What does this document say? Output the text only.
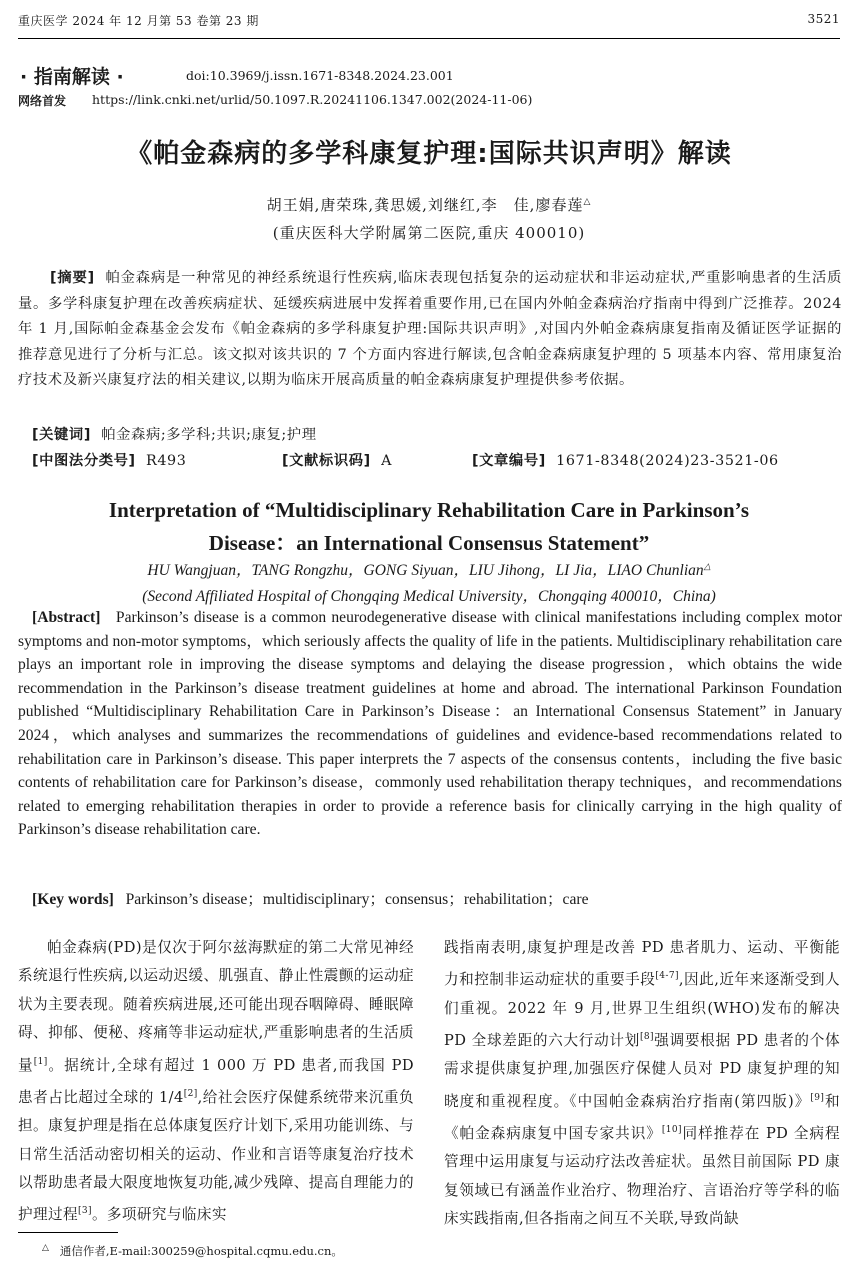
重庆医学 2024 年 12 月第 53 卷第 23 期	3521
· 指南解读 ·	doi:10.3969/j.issn.1671-8348.2024.23.001
网络首发 https://link.cnki.net/urlid/50.1097.R.20241106.1347.002(2024-11-06)
《帕金森病的多学科康复护理:国际共识声明》解读
胡王娟,唐荣珠,龚思媛,刘继红,李　佳,廖春莲△
(重庆医科大学附属第二医院,重庆 400010)
[摘要] 帕金森病是一种常见的神经系统退行性疾病,临床表现包括复杂的运动症状和非运动症状,严重影响患者的生活质量。多学科康复护理在改善疾病症状、延缓疾病进展中发挥着重要作用,已在国内外帕金森病治疗指南中得到广泛推荐。2024 年 1 月,国际帕金森基金会发布《帕金森病的多学科康复护理:国际共识声明》,对国内外帕金森病康复指南及循证医学证据的推荐意见进行了分析与汇总。该文拟对该共识的 7 个方面内容进行解读,包含帕金森病康复护理的 5 项基本内容、常用康复治疗技术及新兴康复疗法的相关建议,以期为临床开展高质量的帕金森病康复护理提供参考依据。
[关键词] 帕金森病;多学科;共识;康复;护理
[中图法分类号] R493	[文献标识码] A	[文章编号] 1671-8348(2024)23-3521-06
Interpretation of “Multidisciplinary Rehabilitation Care in Parkinson’s
Disease：an International Consensus Statement”
HU Wangjuan，TANG Rongzhu，GONG Siyuan，LIU Jihong，LI Jia，LIAO Chunlian△
(Second Affiliated Hospital of Chongqing Medical University，Chongqing 400010，China)
[Abstract] Parkinson’s disease is a common neurodegenerative disease with clinical manifestations including complex motor symptoms and non-motor symptoms，which seriously affects the quality of life in the patients. Multidisciplinary rehabilitation care plays an important role in improving the disease symptoms and delaying the disease progression，which obtains the wide recommendation in the Parkinson’s disease treatment guidelines at home and abroad. The international Parkinson Foundation published “Multidisciplinary Rehabilitation Care in Parkinson’s Disease：an International Consensus Statement” in January 2024，which analyses and summarizes the recommendations of guidelines and evidence-based recommendations related to rehabilitation care in Parkinson’s disease. This paper interprets the 7 aspects of the consensus contents，including the five basic contents of rehabilitation care for Parkinson’s disease，commonly used rehabilitation therapy techniques，and recommendations related to emerging rehabilitation therapies in order to provide a reference basis for clinically carrying in the high quality of Parkinson’s disease rehabilitation care.
[Key words] Parkinson’s disease；multidisciplinary；consensus；rehabilitation；care
帕金森病(PD)是仅次于阿尔兹海默症的第二大常见神经系统退行性疾病,以运动迟缓、肌强直、静止性震颤的运动症状为主要表现。随着疾病进展,还可能出现吞咽障碍、睡眠障碍、抑郁、便秘、疼痛等非运动症状,严重影响患者的生活质量[1]。据统计,全球有超过 1 000 万 PD 患者,而我国 PD 患者占比超过全球的 1/4[2],给社会医疗保健系统带来沉重负担。康复护理是指在总体康复医疗计划下,采用功能训练、与日常生活活动密切相关的运动、作业和言语等康复治疗技术以帮助患者最大限度地恢复功能,减少残障、提高自理能力的护理过程[3]。多项研究与临床实
践指南表明,康复护理是改善 PD 患者肌力、运动、平衡能力和控制非运动症状的重要手段[4-7],因此,近年来逐渐受到人们重视。2022 年 9 月,世界卫生组织(WHO)发布的解决 PD 全球差距的六大行动计划[8]强调要根据 PD 患者的个体需求提供康复护理,加强医疗保健人员对 PD 康复护理的知晓度和重视程度。《中国帕金森病治疗指南(第四版)》[9]和《帕金森病康复中国专家共识》[10]同样推荐在 PD 全病程管理中运用康复与运动疗法改善症状。虽然目前国际 PD 康复领域已有涵盖作业治疗、物理治疗、言语治疗等学科的临床实践指南,但各指南之间互不关联,导致尚缺
△ 通信作者,E-mail:300259@hospital.cqmu.edu.cn。
